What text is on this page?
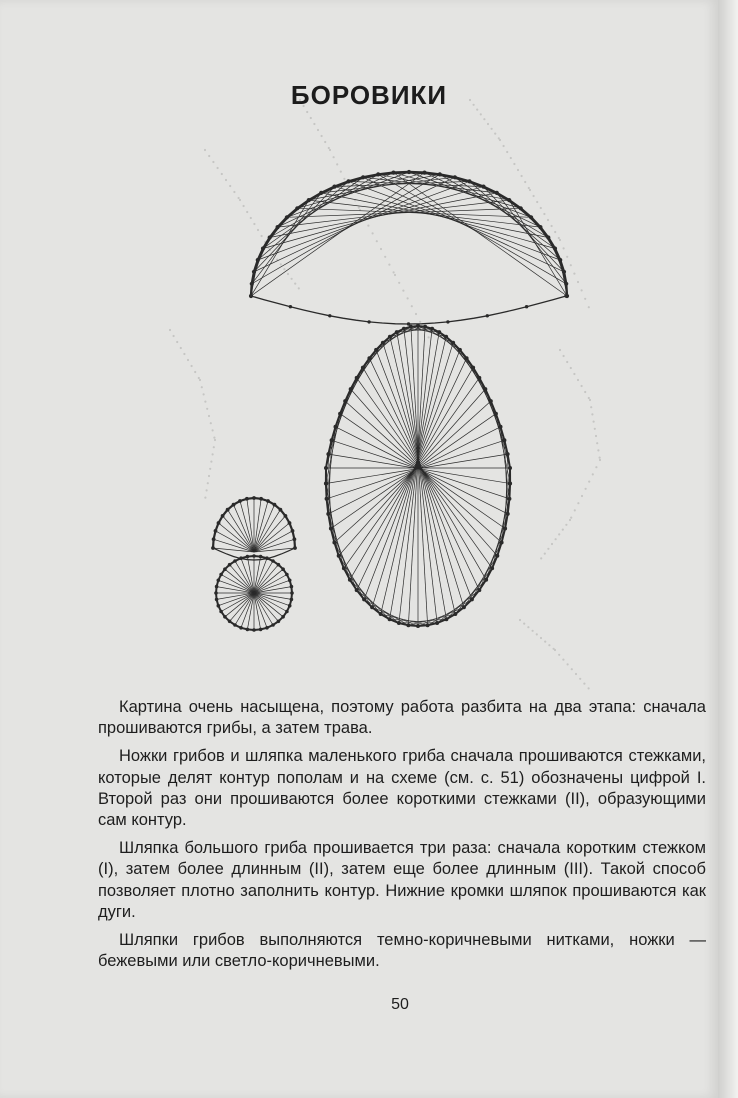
БОРОВИКИ

Картина очень насыщена, поэтому работа разбита на два этапа: сначала прошиваются грибы, а затем трава.

Ножки грибов и шляпка маленького гриба сначала прошиваются стежками, которые делят контур пополам и на схеме (см. с. 51) обозначены цифрой I. Второй раз они прошиваются более короткими стежками (II), образующими сам контур.

Шляпка большого гриба прошивается три раза: сначала коротким стежком (I), затем более длинным (II), затем еще более длинным (III). Такой способ позволяет плотно заполнить контур. Нижние кромки шляпок прошиваются как дуги.

Шляпки грибов выполняются темно-коричневыми нитками, ножки — бежевыми или светло-коричневыми.

50
